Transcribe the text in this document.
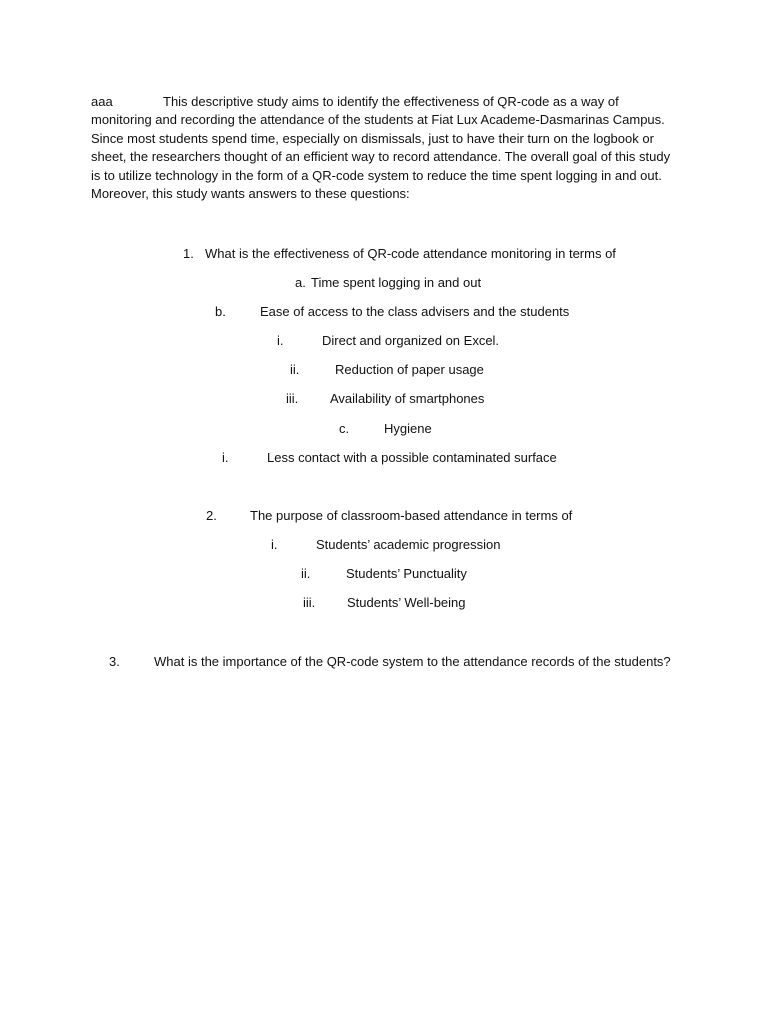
aaa	This descriptive study aims to identify the effectiveness of QR-code as a way of monitoring and recording the attendance of the students at Fiat Lux Academe-Dasmarinas Campus. Since most students spend time, especially on dismissals, just to have their turn on the logbook or sheet, the researchers thought of an efficient way to record attendance. The overall goal of this study is to utilize technology in the form of a QR-code system to reduce the time spent logging in and out. Moreover, this study wants answers to these questions:

1. What is the effectiveness of QR-code attendance monitoring in terms of
a. Time spent logging in and out
b.	Ease of access to the class advisers and the students
i.	Direct and organized on Excel.
ii.	Reduction of paper usage
iii. Availability of smartphones
c.	Hygiene
i.	Less contact with a possible contaminated surface
2.	The purpose of classroom-based attendance in terms of
i.	Students’ academic progression
ii.	Students’ Punctuality
iii. Students’ Well-being
3.	What is the importance of the QR-code system to the attendance records of the students?
